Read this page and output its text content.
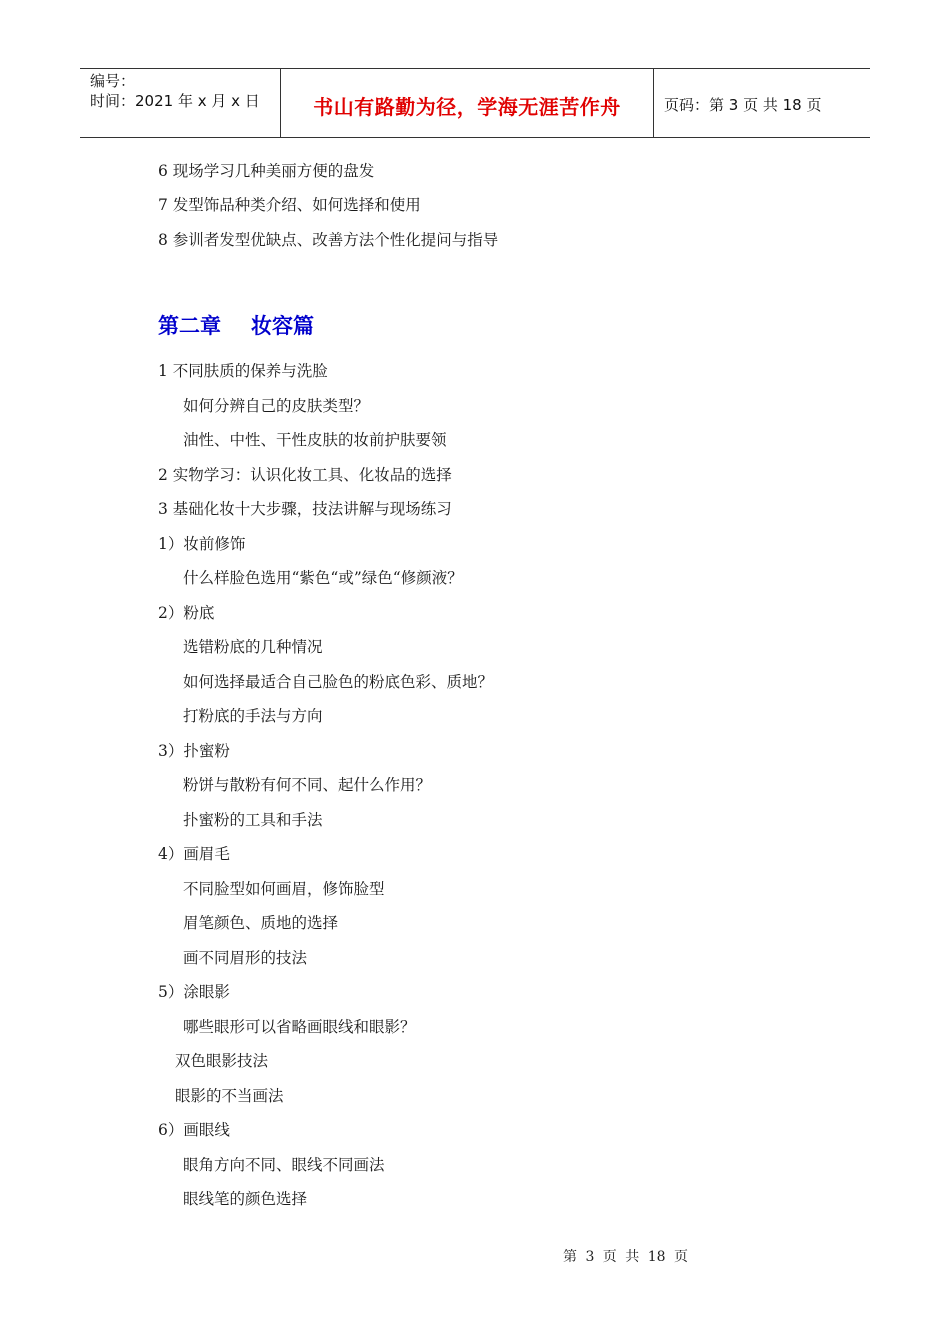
编号：
时间：2021 年 x 月 x 日	书山有路勤为径，学海无涯苦作舟	页码：第 3 页 共 18 页
6 现场学习几种美丽方便的盘发
7 发型饰品种类介绍、如何选择和使用
8 参训者发型优缺点、改善方法个性化提问与指导
第二章 妆容篇
1 不同肤质的保养与洗脸
如何分辨自己的皮肤类型？
油性、中性、干性皮肤的妆前护肤要领
2 实物学习：认识化妆工具、化妆品的选择
3 基础化妆十大步骤，技法讲解与现场练习
1）妆前修饰
什么样脸色选用“紫色“或”绿色“修颜液？
2）粉底
选错粉底的几种情况
如何选择最适合自己脸色的粉底色彩、质地？
打粉底的手法与方向
3）扑蜜粉
粉饼与散粉有何不同、起什么作用？
扑蜜粉的工具和手法
4）画眉毛
不同脸型如何画眉，修饰脸型
眉笔颜色、质地的选择
画不同眉形的技法
5）涂眼影
哪些眼形可以省略画眼线和眼影？
双色眼影技法
眼影的不当画法
6）画眼线
眼角方向不同、眼线不同画法
眼线笔的颜色选择
第 3 页 共 18 页
